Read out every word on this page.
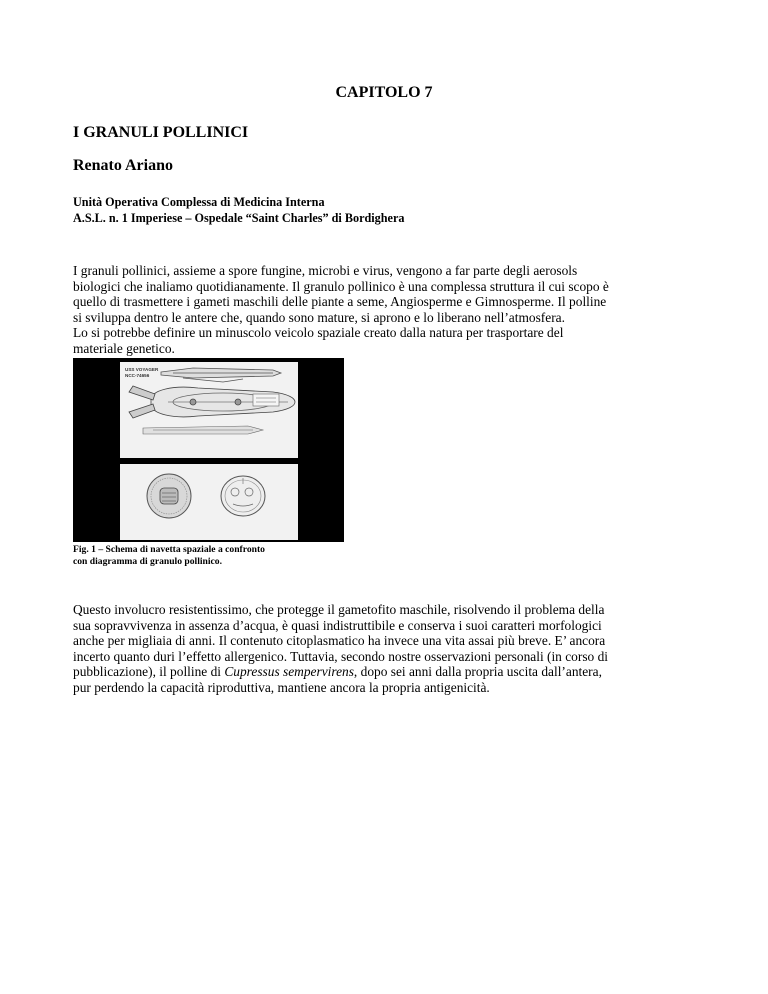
CAPITOLO 7
I GRANULI POLLINICI
Renato Ariano
Unità Operativa Complessa di Medicina Interna
A.S.L. n. 1 Imperiese – Ospedale “Saint Charles” di Bordighera
I granuli pollinici, assieme a spore fungine, microbi e virus, vengono a far parte degli aerosols
biologici che inaliamo quotidianamente. Il granulo pollinico è una complessa struttura il cui scopo è
quello di trasmettere i gameti maschili delle piante a seme, Angiosperme e Gimnosperme. Il polline
si sviluppa dentro le antere che, quando sono mature, si aprono e lo liberano nell’atmosfera.
Lo si potrebbe definire un minuscolo veicolo spaziale creato dalla natura per trasportare del
materiale genetico.
USS VOYAGER
NCC-74656
Fig. 1 – Schema di navetta spaziale a confronto
con diagramma di granulo pollinico.
Questo involucro resistentissimo, che protegge il gametofito maschile, risolvendo il problema della
sua sopravvivenza in assenza d’acqua, è quasi indistruttibile e conserva i suoi caratteri morfologici
anche per migliaia di anni. Il contenuto citoplasmatico ha invece una vita assai più breve. E’ ancora
incerto quanto duri l’effetto allergenico. Tuttavia, secondo nostre osservazioni personali (in corso di
pubblicazione), il polline di Cupressus sempervirens, dopo sei anni dalla propria uscita dall’antera,
pur perdendo la capacità riproduttiva, mantiene ancora la propria antigenicità.
